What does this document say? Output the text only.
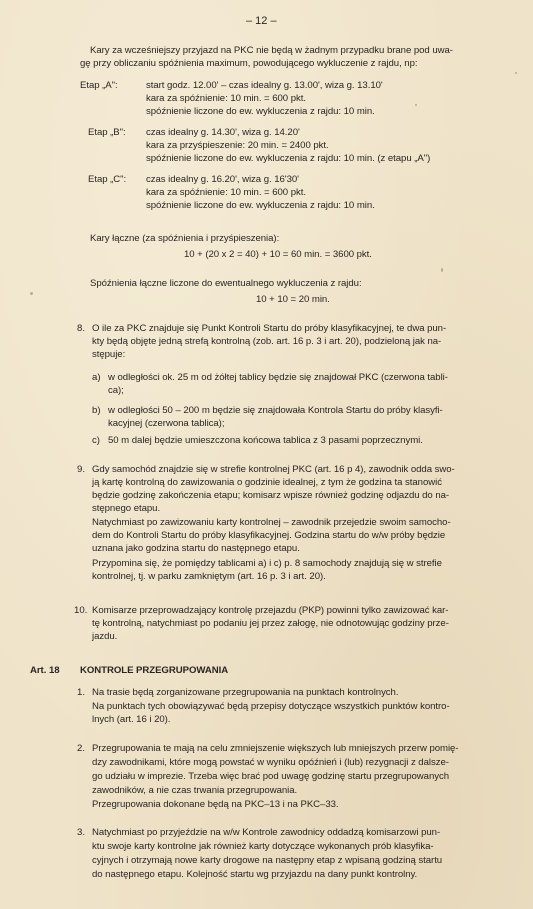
– 12 –
Kary za wcześniejszy przyjazd na PKC nie będą w żadnym przypadku brane pod uwa-
gę przy obliczaniu spóźnienia maximum, powodującego wykluczenie z rajdu, np:
Etap „A":	start godz. 12.00' – czas idealny g. 13.00', wiza g. 13.10'
kara za spóźnienie: 10 min. = 600 pkt.
spóźnienie liczone do ew. wykluczenia z rajdu: 10 min.
Etap „B": czas idealny g. 14.30', wiza g. 14.20'
kara za przyśpieszenie: 20 min. = 2400 pkt.
spóźnienie liczone do ew. wykluczenia z rajdu: 10 min. (z etapu „A")
Etap „C": czas idealny g. 16.20', wiza g. 16'30'
kara za spóźnienie: 10 min. = 600 pkt.
spóźnienie liczone do ew. wykluczenia z rajdu: 10 min.
Kary łączne (za spóźnienia i przyśpieszenia):
10 + (20 x 2 = 40) + 10 = 60 min. = 3600 pkt.
Spóźnienia łączne liczone do ewentualnego wykluczenia z rajdu:
10 + 10 = 20 min.
8. O ile za PKC znajduje się Punkt Kontroli Startu do próby klasyfikacyjnej, te dwa pun-
kty będą objęte jedną strefą kontrolną (zob. art. 16 p. 3 i art. 20), podzieloną jak na-
stępuje:
a) w odległości ok. 25 m od żółtej tablicy będzie się znajdował PKC (czerwona tabli-
ca);
b) w odległości 50 – 200 m będzie się znajdowała Kontrola Startu do próby klasyfi-
kacyjnej (czerwona tablica);
c) 50 m dalej będzie umieszczona końcowa tablica z 3 pasami poprzecznymi.
9. Gdy samochód znajdzie się w strefie kontrolnej PKC (art. 16 p 4), zawodnik odda swo-
ją kartę kontrolną do zawizowania o godzinie idealnej, z tym że godzina ta stanowić
będzie godzinę zakończenia etapu; komisarz wpisze również godzinę odjazdu do na-
stępnego etapu.
Natychmiast po zawizowaniu karty kontrolnej – zawodnik przejedzie swoim samocho-
dem do Kontroli Startu do próby klasyfikacyjnej. Godzina startu do w/w próby będzie
uznana jako godzina startu do następnego etapu.
Przypomina się, że pomiędzy tablicami a) i c) p. 8 samochody znajdują się w strefie
kontrolnej, tj. w parku zamkniętym (art. 16 p. 3 i art. 20).
10. Komisarze przeprowadzający kontrolę przejazdu (PKP) powinni tylko zawizować kar-
tę kontrolną, natychmiast po podaniu jej przez załogę, nie odnotowując godziny prze-
jazdu.
Art. 18 KONTROLE PRZEGRUPOWANIA
1. Na trasie będą zorganizowane przegrupowania na punktach kontrolnych.
Na punktach tych obowiązywać będą przepisy dotyczące wszystkich punktów kontro-
lnych (art. 16 i 20).
2. Przegrupowania te mają na celu zmniejszenie większych lub mniejszych przerw pomię-
dzy zawodnikami, które mogą powstać w wyniku opóźnień i (lub) rezygnacji z dalsze-
go udziału w imprezie. Trzeba więc brać pod uwagę godzinę startu przegrupowanych
zawodników, a nie czas trwania przegrupowania.
Przegrupowania dokonane będą na PKC–13 i na PKC–33.
3. Natychmiast po przyjeździe na w/w Kontrole zawodnicy oddadzą komisarzowi pun-
ktu swoje karty kontrolne jak również karty dotyczące wykonanych prób klasyfika-
cyjnych i otrzymają nowe karty drogowe na następny etap z wpisaną godziną startu
do następnego etapu. Kolejność startu wg przyjazdu na dany punkt kontrolny.
